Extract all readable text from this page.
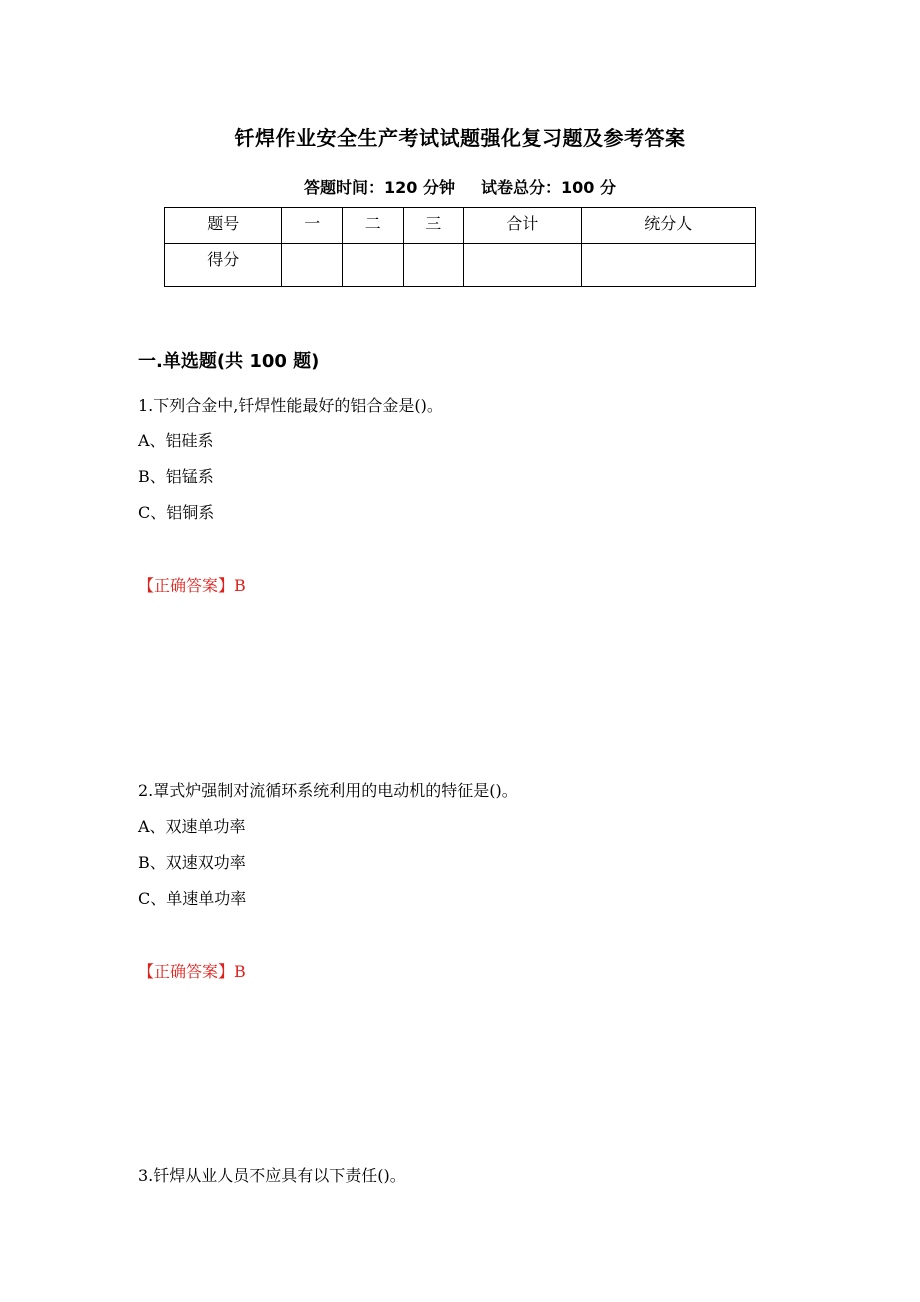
钎焊作业安全生产考试试题强化复习题及参考答案
答题时间：120 分钟 试卷总分：100 分
题号	一	二	三	合计	统分人
得分					
一.单选题(共 100 题)
1.下列合金中,钎焊性能最好的铝合金是()。
A、铝硅系
B、铝锰系
C、铝铜系
【正确答案】B
2.罩式炉强制对流循环系统利用的电动机的特征是()。
A、双速单功率
B、双速双功率
C、单速单功率
【正确答案】B
3.钎焊从业人员不应具有以下责任()。
